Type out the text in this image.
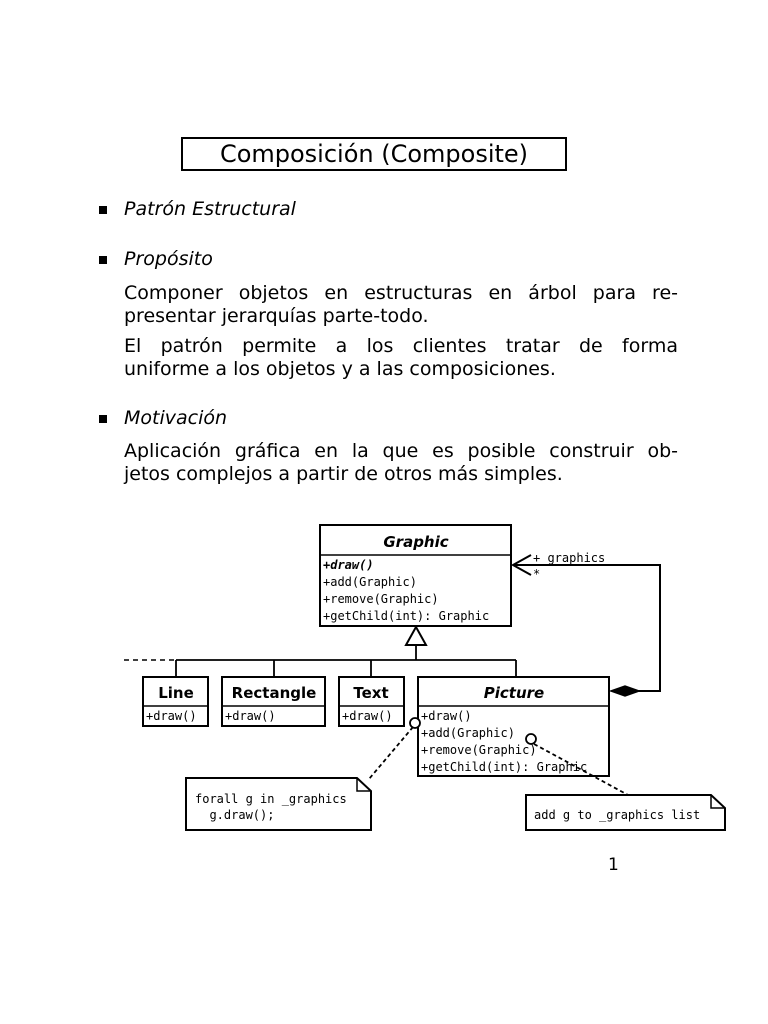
Composición (Composite)
Patrón Estructural
Propósito
Componer objetos en estructuras en árbol para re-
presentar jerarquías parte-todo.
El patrón permite a los clientes tratar de forma
uniforme a los objetos y a las composiciones.
Motivación
Aplicación gráfica en la que es posible construir ob-
jetos complejos a partir de otros más simples.
Graphic
+draw()
+add(Graphic)
+remove(Graphic)
+getChild(int): Graphic
Line
+draw()
Rectangle
+draw()
Text
+draw()
Picture
+draw()
+add(Graphic)
+remove(Graphic)
+getChild(int): Graphic
+ graphics
*
forall g in _graphics
g.draw();	add g to _graphics list
1
